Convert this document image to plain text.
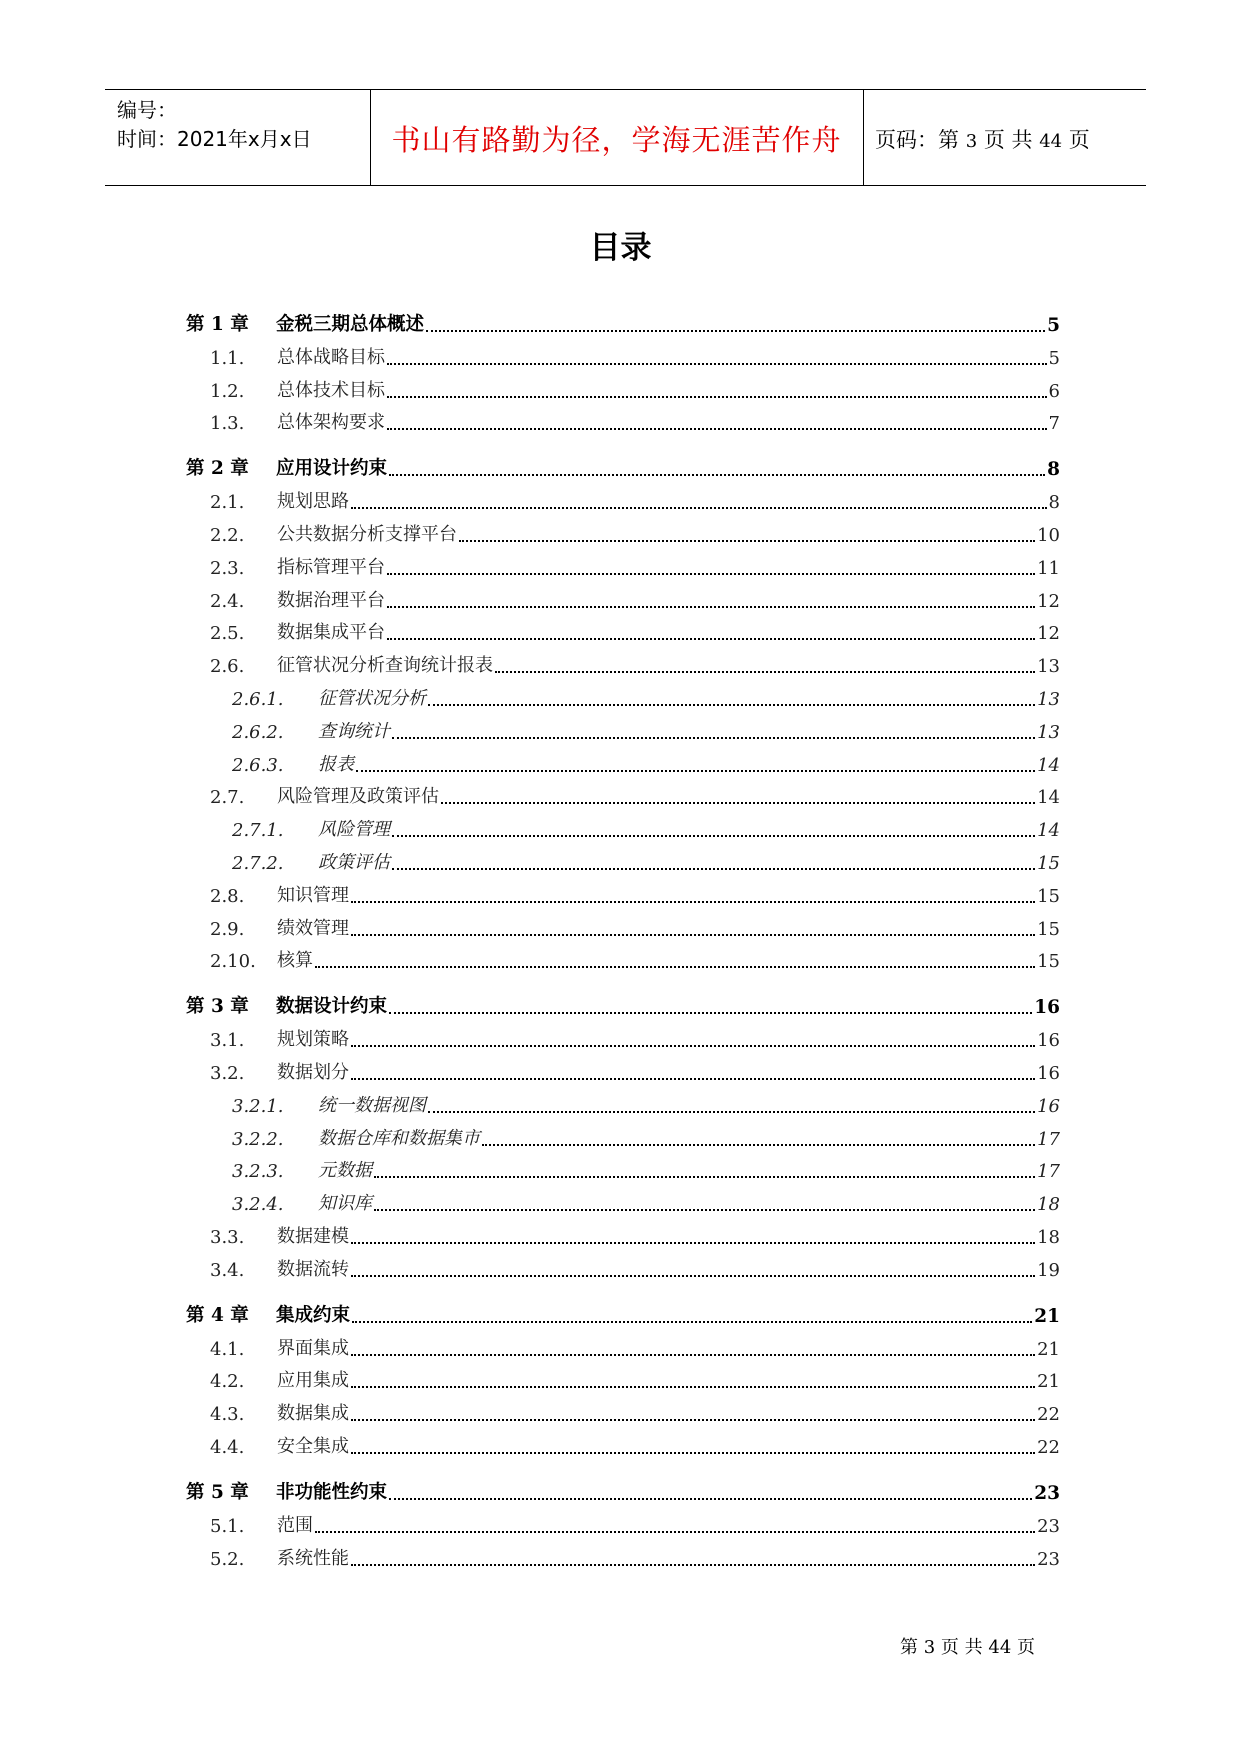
编号：
时间：2021年x月x日	书山有路勤为径，学海无涯苦作舟	页码：第 3 页 共 44 页
目录
第 1 章	金税三期总体概述	5
1.1.	总体战略目标	5
1.2.	总体技术目标	6
1.3.	总体架构要求	7
第 2 章	应用设计约束	8
2.1.	规划思路	8
2.2.	公共数据分析支撑平台	10
2.3.	指标管理平台	11
2.4.	数据治理平台	12
2.5.	数据集成平台	12
2.6.	征管状况分析查询统计报表	13
2.6.1.	征管状况分析	13
2.6.2.	查询统计	13
2.6.3.	报表	14
2.7.	风险管理及政策评估	14
2.7.1.	风险管理	14
2.7.2.	政策评估	15
2.8.	知识管理	15
2.9.	绩效管理	15
2.10.	核算	15
第 3 章	数据设计约束	16
3.1.	规划策略	16
3.2.	数据划分	16
3.2.1.	统一数据视图	16
3.2.2.	数据仓库和数据集市	17
3.2.3.	元数据	17
3.2.4.	知识库	18
3.3.	数据建模	18
3.4.	数据流转	19
第 4 章	集成约束	21
4.1.	界面集成	21
4.2.	应用集成	21
4.3.	数据集成	22
4.4.	安全集成	22
第 5 章	非功能性约束	23
5.1.	范围	23
5.2.	系统性能	23
第 3 页 共 44 页
